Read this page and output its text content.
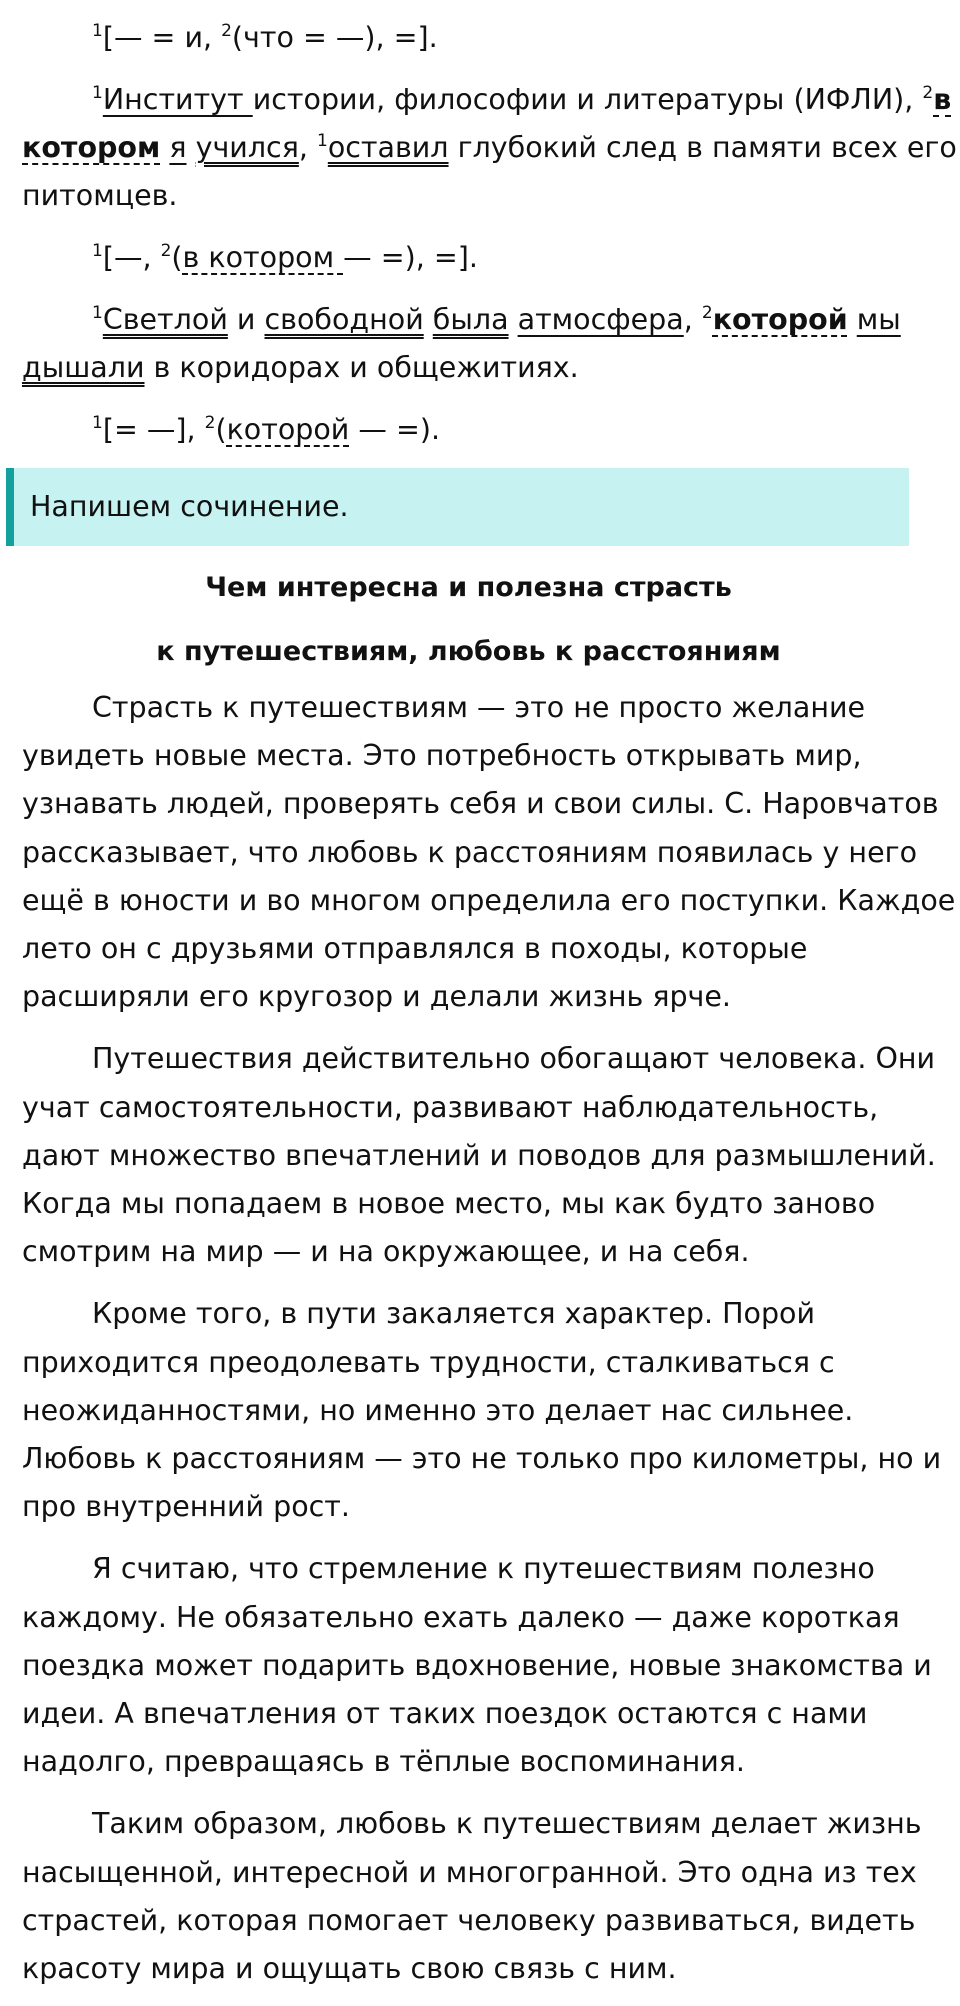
$^1$[— = и, $^2$(что = —), =].

$^1$Институт истории, философии и литературы (ИФЛИ), $^2$в
котором я учился, $^1$оставил глубокий след в памяти всех его питомцев.

$^1$[—, $^2$(в котором — =), =].

$^1$Светлой и свободной была атмосфера, $^2$которой мы
дышали в коридорах и общежитиях.

$^1$[= —], $^2$(которой — =).

Напишем сочинение.

Чем интересна и полезна страсть
к путешествиям, любовь к расстояниям

Страсть к путешествиям — это не просто желание увидеть новые места. Это потребность открывать мир, узнавать людей, проверять себя и свои силы. С. Наровчатов рассказывает, что любовь к расстояниям появилась у него ещё в юности и во многом определила его поступки. Каждое лето он с друзьями отправлялся в походы, которые расширяли его кругозор и делали жизнь ярче.

Путешествия действительно обогащают человека. Они учат самостоятельности, развивают наблюдательность, дают множество впечатлений и поводов для размышлений. Когда мы попадаем в новое место, мы как будто заново смотрим на мир — и на окружающее, и на себя.

Кроме того, в пути закаляется характер. Порой приходится преодолевать трудности, сталкиваться с неожиданностями, но именно это делает нас сильнее. Любовь к расстояниям — это не только про километры, но и про внутренний рост.

Я считаю, что стремление к путешествиям полезно каждому. Не обязательно ехать далеко — даже короткая поездка может подарить вдохновение, новые знакомства и идеи. А впечатления от таких поездок остаются с нами надолго, превращаясь в тёплые воспоминания.

Таким образом, любовь к путешествиям делает жизнь насыщенной, интересной и многогранной. Это одна из тех страстей, которая помогает человеку развиваться, видеть красоту мира и ощущать свою связь с ним.
